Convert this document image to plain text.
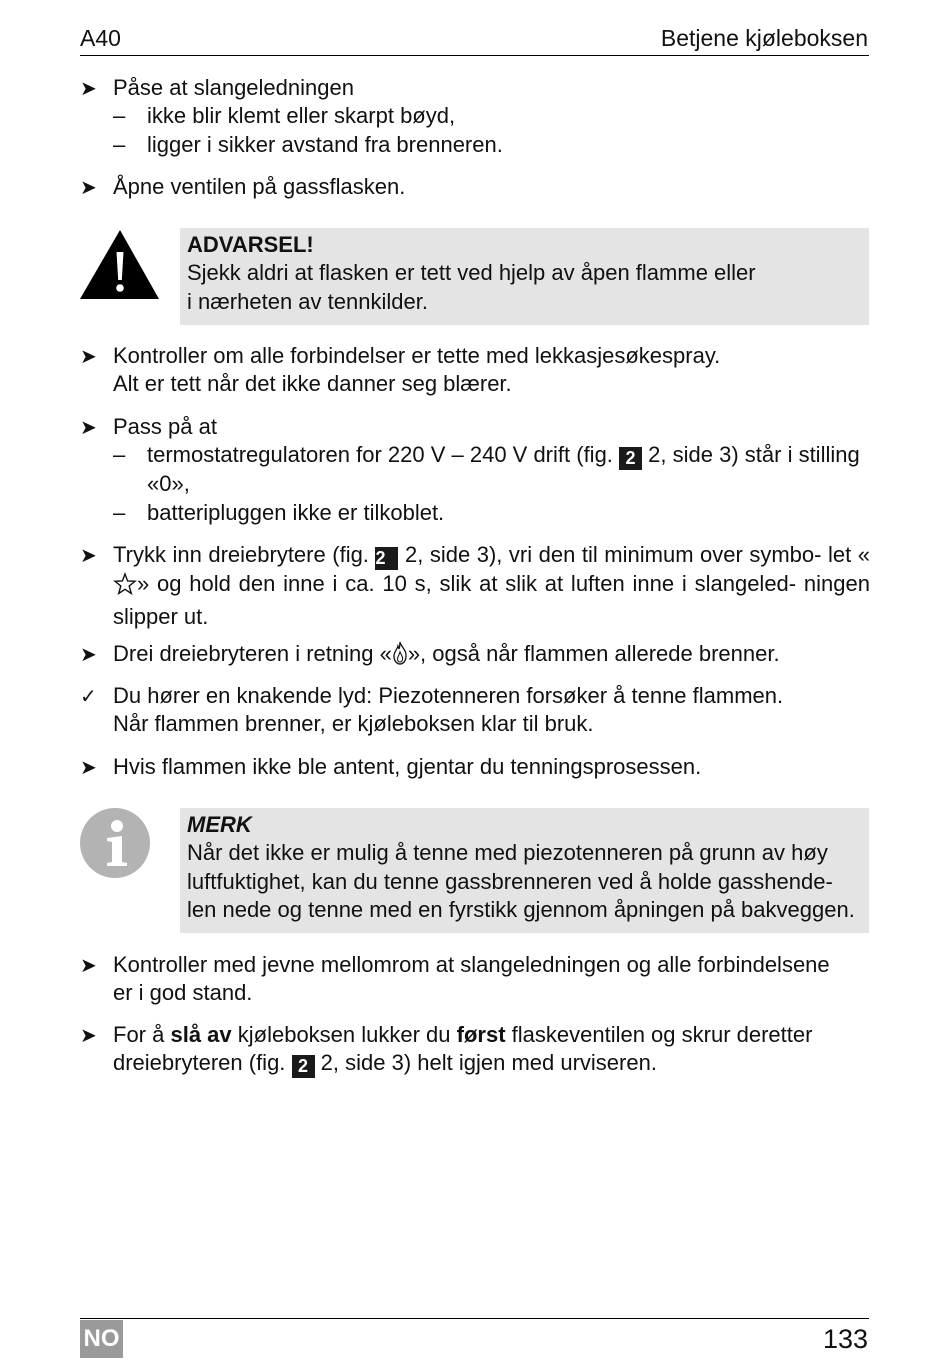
A40	Betjene kjøleboksen
➤ Påse at slangeledningen
– ikke blir klemt eller skarpt bøyd,
– ligger i sikker avstand fra brenneren.
➤ Åpne ventilen på gassflasken.
ADVARSEL!
Sjekk aldri at flasken er tett ved hjelp av åpen flamme eller
i nærheten av tennkilder.
➤ Kontroller om alle forbindelser er tette med lekkasjesøkespray.
Alt er tett når det ikke danner seg blærer.
➤ Pass på at
– termostatregulatoren for 220 V – 240 V drift (fig. 2 2, side 3) står i stilling «0»,
– batteripluggen ikke er tilkoblet.
➤ Trykk inn dreiebrytere (fig. 2 2, side 3), vri den til minimum over symbo- let «» og hold den inne i ca. 10 s, slik at slik at luften inne i slangeled- ningen slipper ut.
➤ Drei dreiebryteren i retning « », også når flammen allerede brenner.
✓ Du hører en knakende lyd: Piezotenneren forsøker å tenne flammen.
Når flammen brenner, er kjøleboksen klar til bruk.
➤ Hvis flammen ikke ble antent, gjentar du tenningsprosessen.
MERK
Når det ikke er mulig å tenne med piezotenneren på grunn av høy
luftfuktighet, kan du tenne gassbrenneren ved å holde gasshende-
len nede og tenne med en fyrstikk gjennom åpningen på bakveggen.
➤ Kontroller med jevne mellomrom at slangeledningen og alle forbindelsene
er i god stand.
➤ For å slå av kjøleboksen lukker du først flaskeventilen og skrur deretter
dreiebryteren (fig. 2 2, side 3) helt igjen med urviseren.
NO	133
